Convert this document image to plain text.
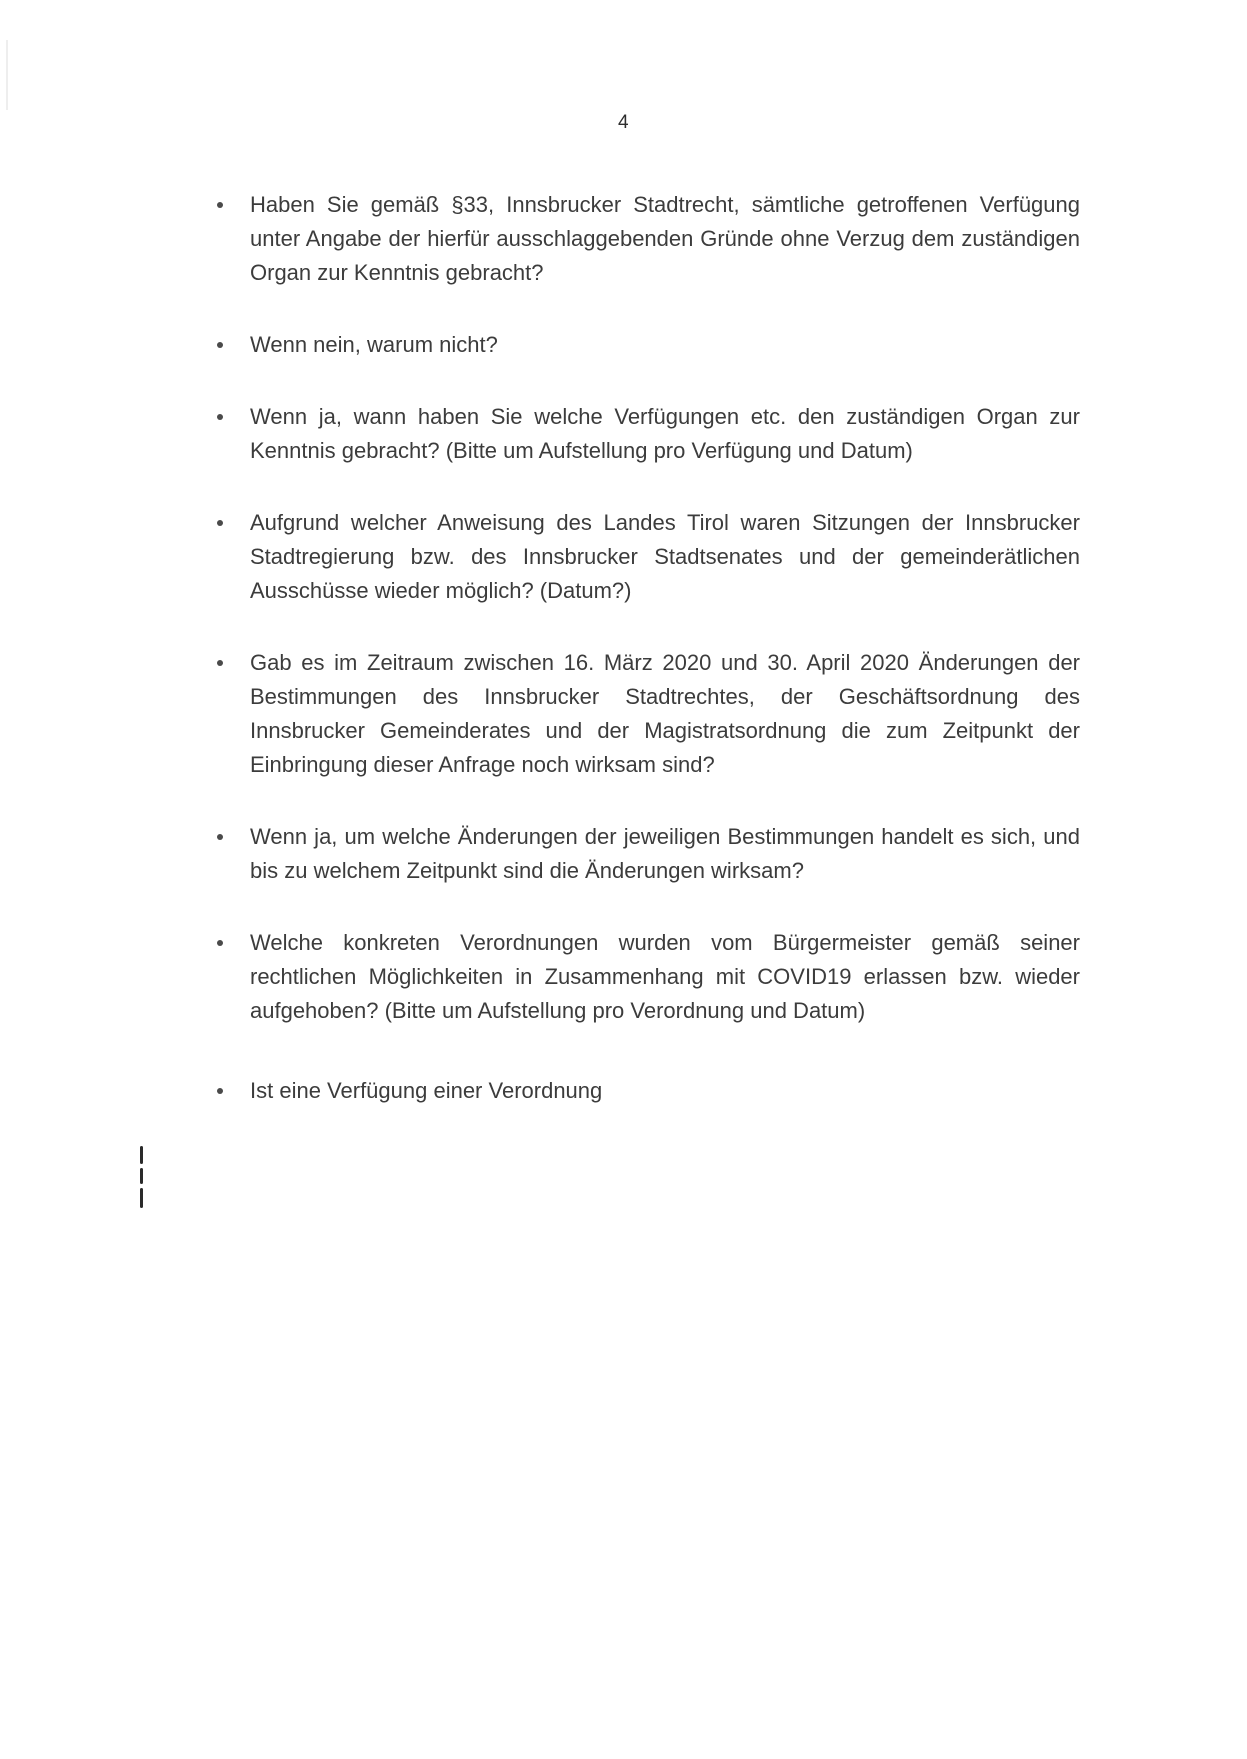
4
Haben Sie gemäß §33, Innsbrucker Stadtrecht, sämtliche getroffenen Verfügung unter Angabe der hierfür ausschlaggebenden Gründe ohne Verzug dem zuständigen Organ zur Kenntnis gebracht?
Wenn nein, warum nicht?
Wenn ja, wann haben Sie welche Verfügungen etc. den zuständigen Organ zur Kenntnis gebracht? (Bitte um Aufstellung pro Verfügung und Datum)
Aufgrund welcher Anweisung des Landes Tirol waren Sitzungen der Innsbrucker Stadtregierung bzw. des Innsbrucker Stadtsenates und der gemeinderätlichen Ausschüsse wieder möglich? (Datum?)
Gab es im Zeitraum zwischen 16. März 2020 und 30. April 2020 Änderungen der Bestimmungen des Innsbrucker Stadtrechtes, der Geschäftsordnung des Innsbrucker Gemeinderates und der Magistratsordnung die zum Zeitpunkt der Einbringung dieser Anfrage noch wirksam sind?
Wenn ja, um welche Änderungen der jeweiligen Bestimmungen handelt es sich, und bis zu welchem Zeitpunkt sind die Änderungen wirksam?
Welche konkreten Verordnungen wurden vom Bürgermeister gemäß seiner rechtlichen Möglichkeiten in Zusammenhang mit COVID19 erlassen bzw. wieder aufgehoben? (Bitte um Aufstellung pro Verordnung und Datum)
Ist eine Verfügung einer Verordnung
